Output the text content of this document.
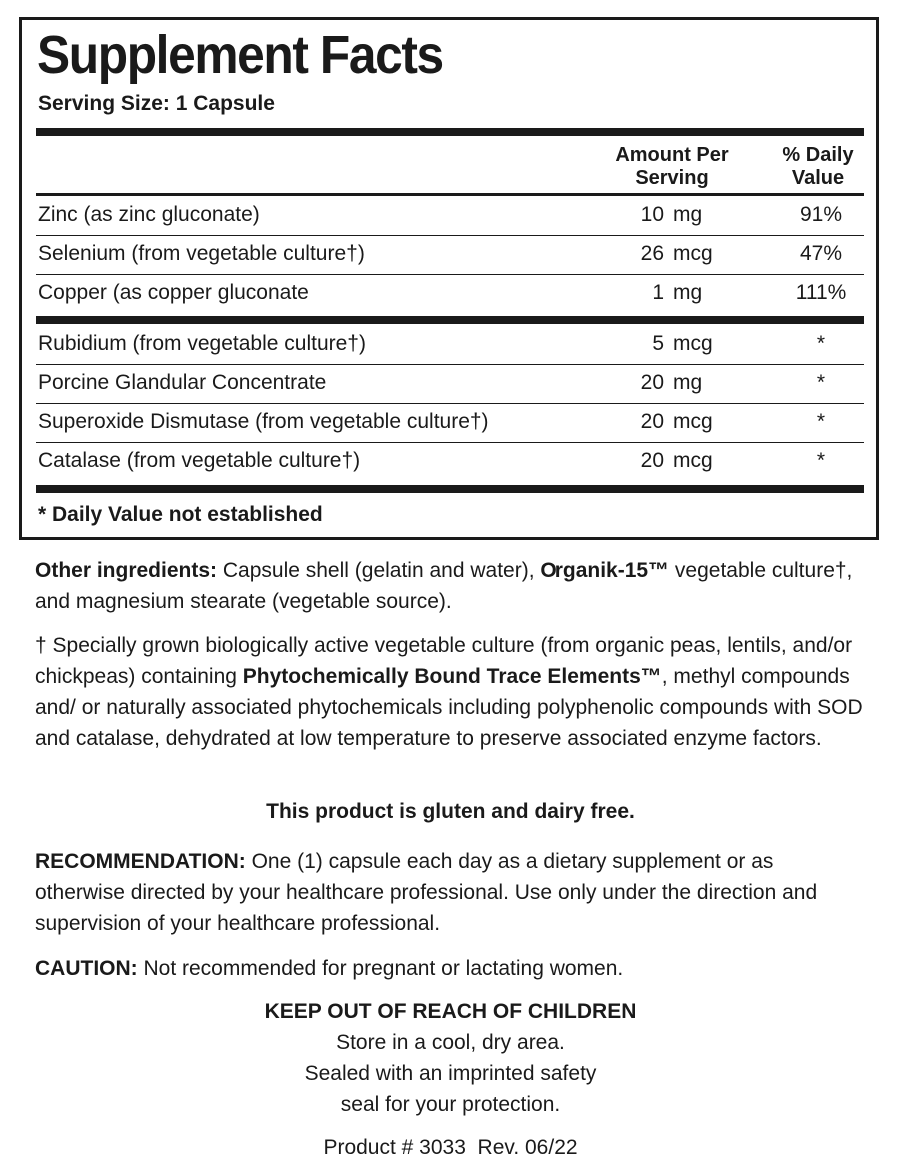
Supplement Facts
Serving Size: 1 Capsule
Amount Per
Serving
% Daily
Value
Zinc (as zinc gluconate)	10 mg	91%
Selenium (from vegetable culture†)	26 mcg	47%
Copper (as copper gluconate	1 mg	111%
Rubidium (from vegetable culture†)	5 mcg	*
Porcine Glandular Concentrate	20 mg	*
Superoxide Dismutase (from vegetable culture†)	20 mcg	*
Catalase (from vegetable culture†)	20 mcg	*
* Daily Value not established
Other ingredients: Capsule shell (gelatin and water), Organik-15™ vegetable culture†, and magnesium stearate (vegetable source).
† Specially grown biologically active vegetable culture (from organic peas, lentils, and/or chickpeas) containing Phytochemically Bound Trace Elements™, methyl compounds and/ or naturally associated phytochemicals including polyphenolic compounds with SOD and catalase, dehydrated at low temperature to preserve associated enzyme factors.
This product is gluten and dairy free.
RECOMMENDATION: One (1) capsule each day as a dietary supplement or as otherwise directed by your healthcare professional. Use only under the direction and supervision of your healthcare professional.
CAUTION: Not recommended for pregnant or lactating women.
KEEP OUT OF REACH OF CHILDREN
Store in a cool, dry area.
Sealed with an imprinted safety
seal for your protection.
Product # 3033  Rev. 06/22
